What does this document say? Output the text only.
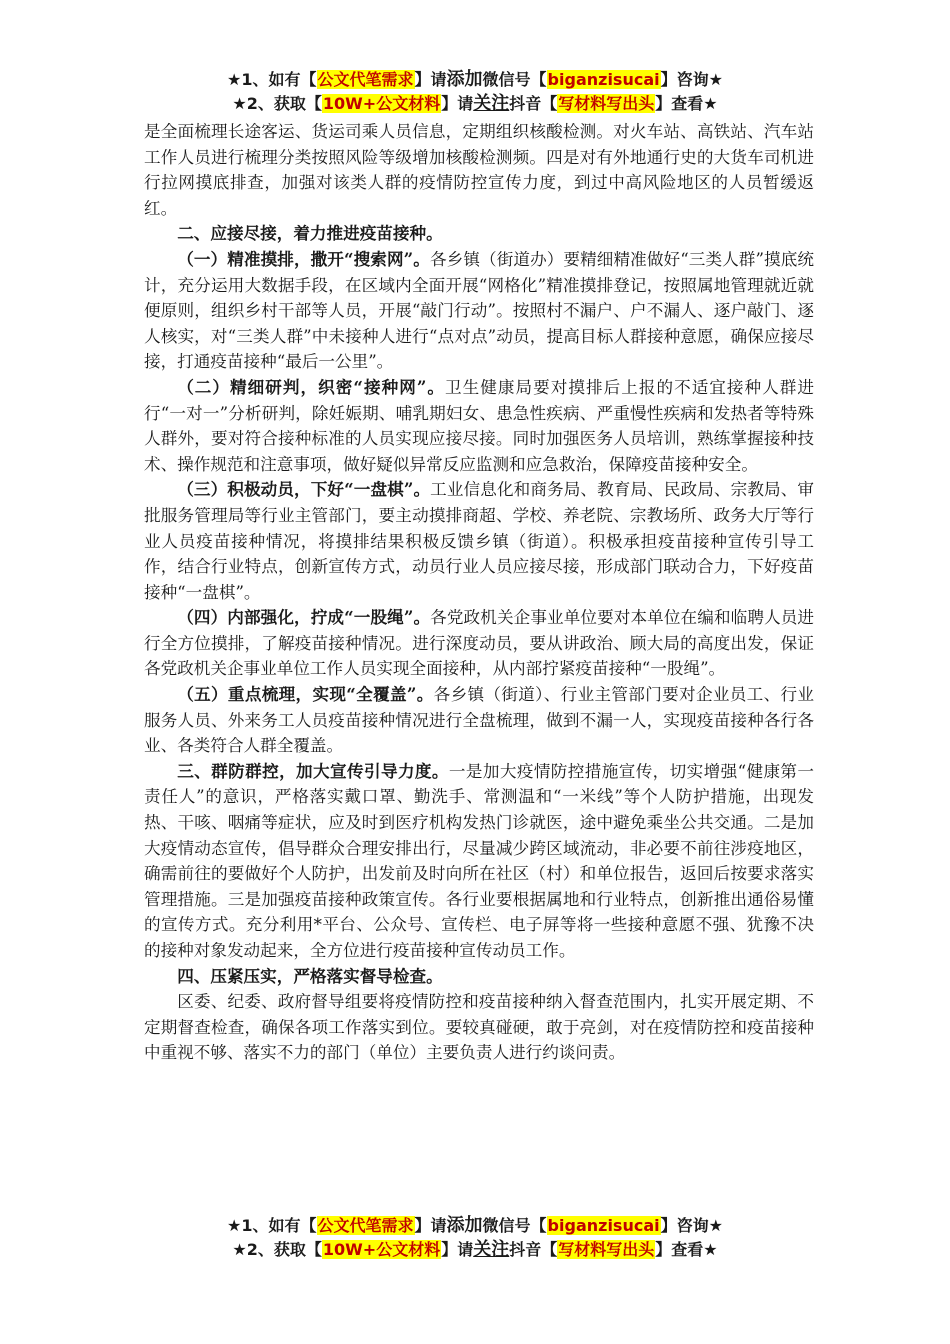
★1、如有【公文代笔需求】请添加微信号【biganzisucai】咨询★
★2、获取【10W+公文材料】请关注抖音【写材料写出头】查看★

是全面梳理长途客运、货运司乘人员信息，定期组织核酸检测。对火车站、高铁站、汽车站工作人员进行梳理分类按照风险等级增加核酸检测频。四是对有外地通行史的大货车司机进行拉网摸底排查，加强对该类人群的疫情防控宣传力度，到过中高风险地区的人员暂缓返红。

二、应接尽接，着力推进疫苗接种。

（一）精准摸排，撒开“搜索网”。各乡镇（街道办）要精细精准做好“三类人群”摸底统计，充分运用大数据手段，在区域内全面开展“网格化”精准摸排登记，按照属地管理就近就便原则，组织乡村干部等人员，开展“敲门行动”。按照村不漏户、户不漏人、逐户敲门、逐人核实，对“三类人群”中未接种人进行“点对点”动员，提高目标人群接种意愿，确保应接尽接，打通疫苗接种“最后一公里”。

（二）精细研判，织密“接种网”。卫生健康局要对摸排后上报的不适宜接种人群进行“一对一”分析研判，除妊娠期、哺乳期妇女、患急性疾病、严重慢性疾病和发热者等特殊人群外，要对符合接种标准的人员实现应接尽接。同时加强医务人员培训，熟练掌握接种技术、操作规范和注意事项，做好疑似异常反应监测和应急救治，保障疫苗接种安全。

（三）积极动员，下好“一盘棋”。工业信息化和商务局、教育局、民政局、宗教局、审批服务管理局等行业主管部门，要主动摸排商超、学校、养老院、宗教场所、政务大厅等行业人员疫苗接种情况，将摸排结果积极反馈乡镇（街道）。积极承担疫苗接种宣传引导工作，结合行业特点，创新宣传方式，动员行业人员应接尽接，形成部门联动合力，下好疫苗接种“一盘棋”。

（四）内部强化，拧成“一股绳”。各党政机关企事业单位要对本单位在编和临聘人员进行全方位摸排，了解疫苗接种情况。进行深度动员，要从讲政治、顾大局的高度出发，保证各党政机关企事业单位工作人员实现全面接种，从内部拧紧疫苗接种“一股绳”。

（五）重点梳理，实现“全覆盖”。各乡镇（街道）、行业主管部门要对企业员工、行业服务人员、外来务工人员疫苗接种情况进行全盘梳理，做到不漏一人，实现疫苗接种各行各业、各类符合人群全覆盖。

三、群防群控，加大宣传引导力度。一是加大疫情防控措施宣传，切实增强“健康第一责任人”的意识，严格落实戴口罩、勤洗手、常测温和“一米线”等个人防护措施，出现发热、干咳、咽痛等症状，应及时到医疗机构发热门诊就医，途中避免乘坐公共交通。二是加大疫情动态宣传，倡导群众合理安排出行，尽量减少跨区域流动，非必要不前往涉疫地区，确需前往的要做好个人防护，出发前及时向所在社区（村）和单位报告，返回后按要求落实管理措施。三是加强疫苗接种政策宣传。各行业要根据属地和行业特点，创新推出通俗易懂的宣传方式。充分利用*平台、公众号、宣传栏、电子屏等将一些接种意愿不强、犹豫不决的接种对象发动起来，全方位进行疫苗接种宣传动员工作。

四、压紧压实，严格落实督导检查。

区委、纪委、政府督导组要将疫情防控和疫苗接种纳入督查范围内，扎实开展定期、不定期督查检查，确保各项工作落实到位。要较真碰硬，敢于亮剑，对在疫情防控和疫苗接种中重视不够、落实不力的部门（单位）主要负责人进行约谈问责。

★1、如有【公文代笔需求】请添加微信号【biganzisucai】咨询★
★2、获取【10W+公文材料】请关注抖音【写材料写出头】查看★
